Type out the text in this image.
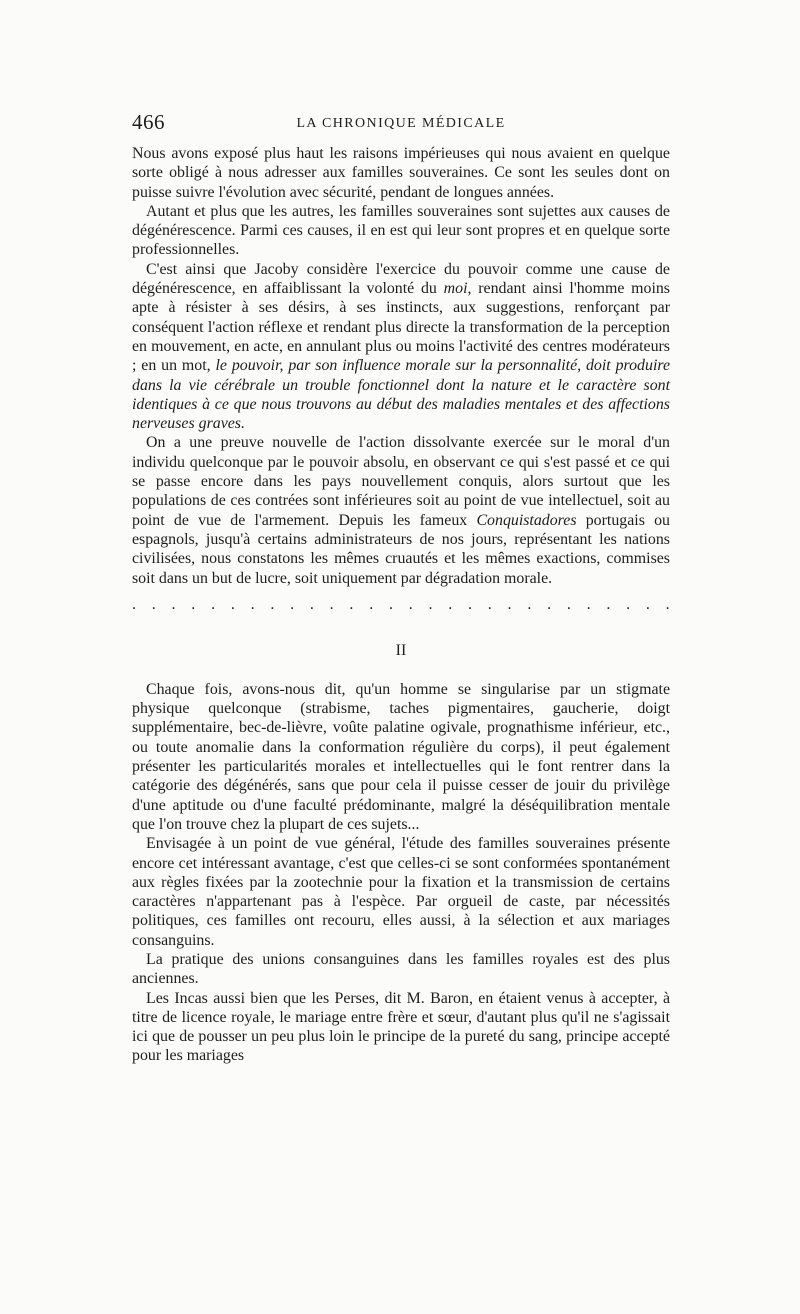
466	LA CHRONIQUE MÉDICALE

Nous avons exposé plus haut les raisons impérieuses qui nous avaient en quelque sorte obligé à nous adresser aux familles souveraines. Ce sont les seules dont on puisse suivre l'évolution avec sécurité, pendant de longues années.

Autant et plus que les autres, les familles souveraines sont sujettes aux causes de dégénérescence. Parmi ces causes, il en est qui leur sont propres et en quelque sorte professionnelles.

C'est ainsi que Jacoby considère l'exercice du pouvoir comme une cause de dégénérescence, en affaiblissant la volonté du moi, rendant ainsi l'homme moins apte à résister à ses désirs, à ses instincts, aux suggestions, renforçant par conséquent l'action réflexe et rendant plus directe la transformation de la perception en mouvement, en acte, en annulant plus ou moins l'activité des centres modérateurs ; en un mot, le pouvoir, par son influence morale sur la personnalité, doit produire dans la vie cérébrale un trouble fonctionnel dont la nature et le caractère sont identiques à ce que nous trouvons au début des maladies mentales et des affections nerveuses graves.

On a une preuve nouvelle de l'action dissolvante exercée sur le moral d'un individu quelconque par le pouvoir absolu, en observant ce qui s'est passé et ce qui se passe encore dans les pays nouvellement conquis, alors surtout que les populations de ces contrées sont inférieures soit au point de vue intellectuel, soit au point de vue de l'armement. Depuis les fameux Conquistadores portugais ou espagnols, jusqu'à certains administrateurs de nos jours, représentant les nations civilisées, nous constatons les mêmes cruautés et les mêmes exactions, commises soit dans un but de lucre, soit uniquement par dégradation morale.

. . . . . . . . . . . . . . . . . . . . . . . . . . . .
II

Chaque fois, avons-nous dit, qu'un homme se singularise par un stigmate physique quelconque (strabisme, taches pigmentaires, gaucherie, doigt supplémentaire, bec-de-lièvre, voûte palatine ogivale, prognathisme inférieur, etc., ou toute anomalie dans la conformation régulière du corps), il peut également présenter les particularités morales et intellectuelles qui le font rentrer dans la catégorie des dégénérés, sans que pour cela il puisse cesser de jouir du privilège d'une aptitude ou d'une faculté prédominante, malgré la déséquilibration mentale que l'on trouve chez la plupart de ces sujets...

Envisagée à un point de vue général, l'étude des familles souveraines présente encore cet intéressant avantage, c'est que celles-ci se sont conformées spontanément aux règles fixées par la zootechnie pour la fixation et la transmission de certains caractères n'appartenant pas à l'espèce. Par orgueil de caste, par nécessités politiques, ces familles ont recouru, elles aussi, à la sélection et aux mariages consanguins.

La pratique des unions consanguines dans les familles royales est des plus anciennes.

Les Incas aussi bien que les Perses, dit M. Baron, en étaient venus à accepter, à titre de licence royale, le mariage entre frère et sœur, d'autant plus qu'il ne s'agissait ici que de pousser un peu plus loin le principe de la pureté du sang, principe accepté pour les mariages
